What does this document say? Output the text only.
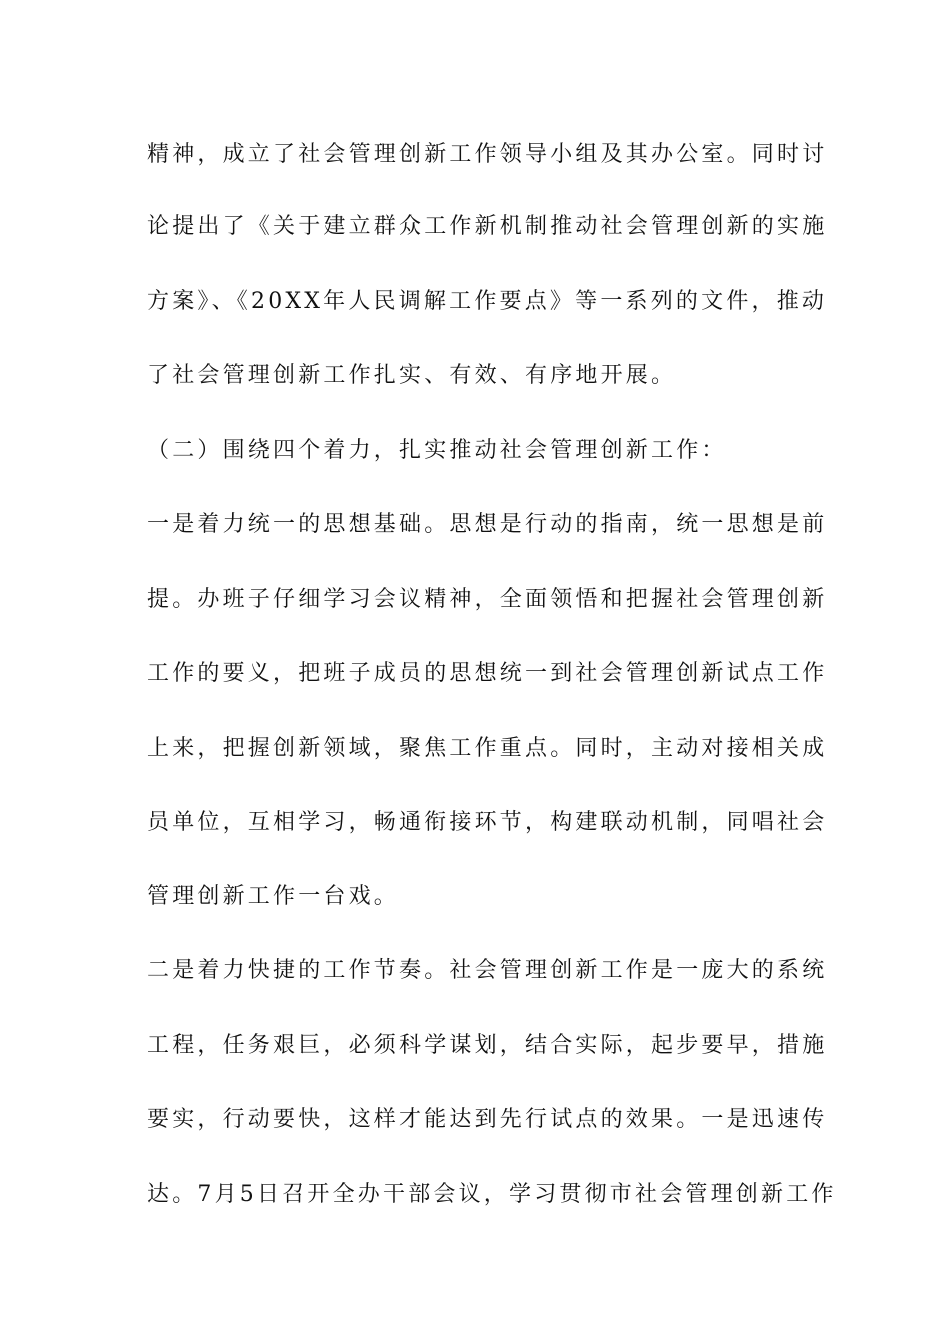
精神，成立了社会管理创新工作领导小组及其办公室。同时讨
论提出了《关于建立群众工作新机制推动社会管理创新的实施
方案》、《20XX年人民调解工作要点》等一系列的文件，推动
了社会管理创新工作扎实、有效、有序地开展。
（二）围绕四个着力，扎实推动社会管理创新工作：
一是着力统一的思想基础。思想是行动的指南，统一思想是前
提。办班子仔细学习会议精神，全面领悟和把握社会管理创新
工作的要义，把班子成员的思想统一到社会管理创新试点工作
上来，把握创新领域，聚焦工作重点。同时，主动对接相关成
员单位，互相学习，畅通衔接环节，构建联动机制，同唱社会
管理创新工作一台戏。
二是着力快捷的工作节奏。社会管理创新工作是一庞大的系统
工程，任务艰巨，必须科学谋划，结合实际，起步要早，措施
要实，行动要快，这样才能达到先行试点的效果。一是迅速传
达。7月5日召开全办干部会议，学习贯彻市社会管理创新工作
